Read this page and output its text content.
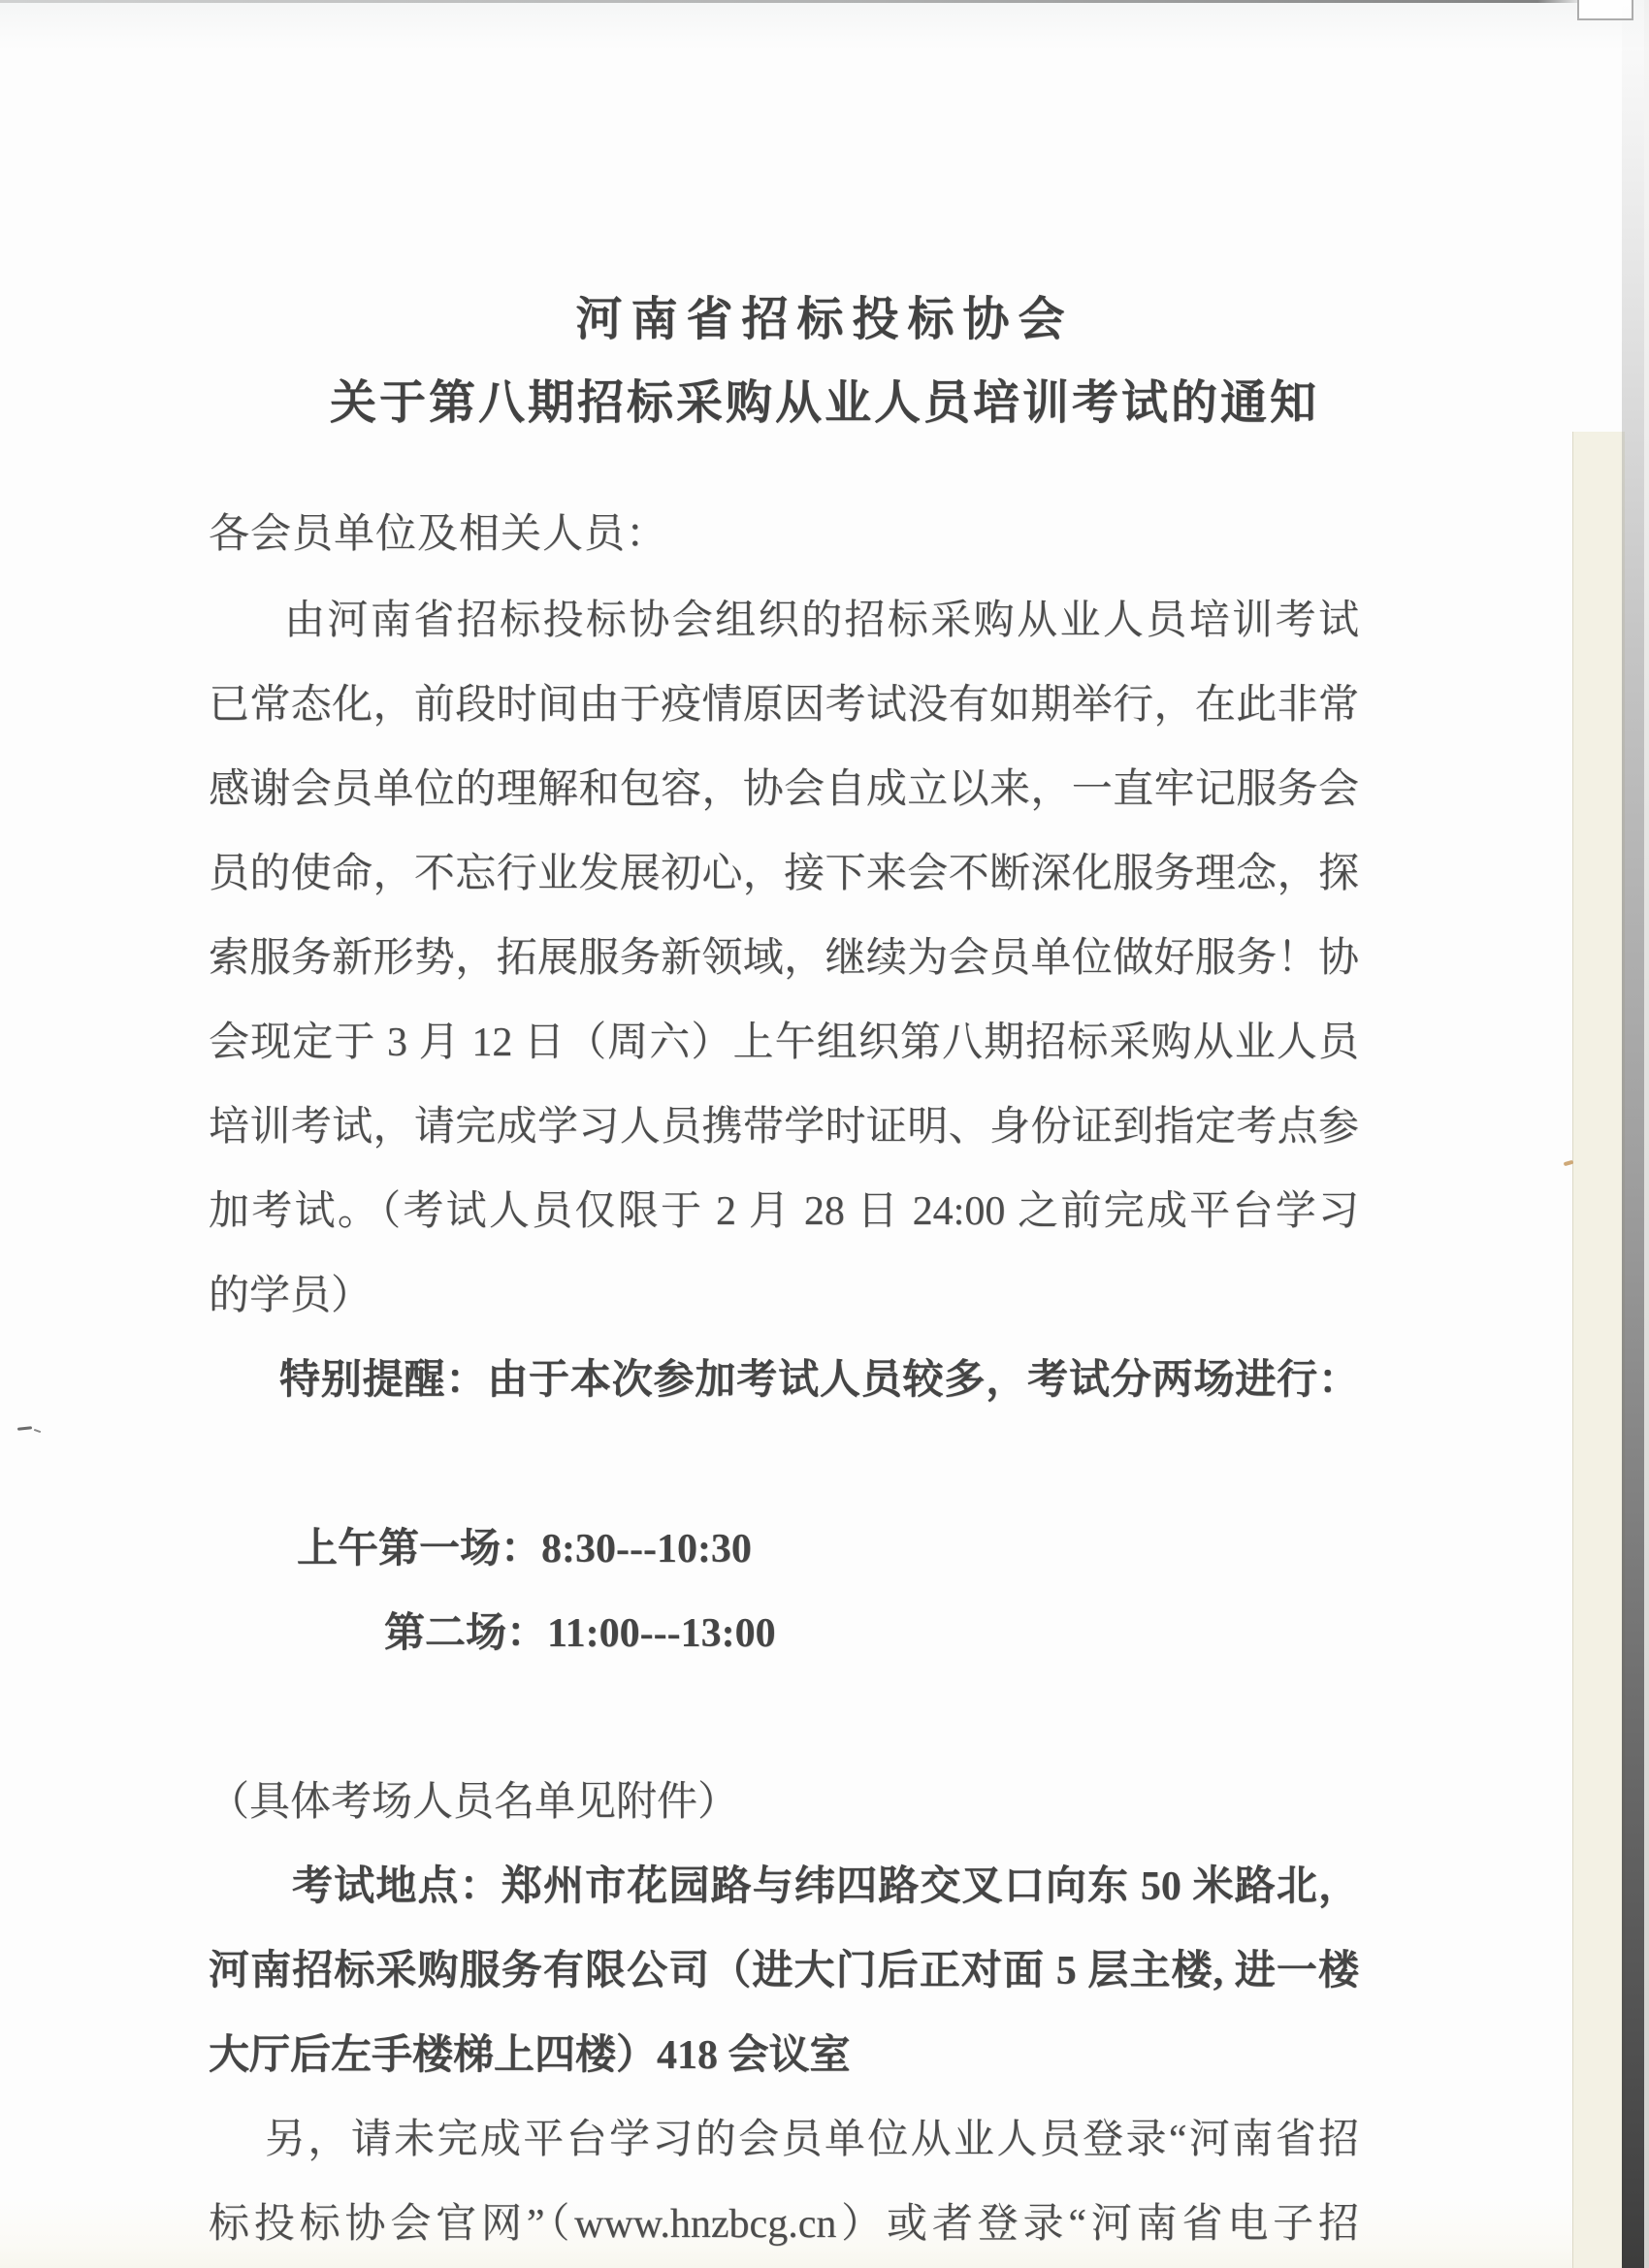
河南省招标投标协会
关于第八期招标采购从业人员培训考试的通知
各会员单位及相关人员：
由河南省招标投标协会组织的招标采购从业人员培训考试
已常态化，前段时间由于疫情原因考试没有如期举行，在此非常
感谢会员单位的理解和包容，协会自成立以来，一直牢记服务会
员的使命，不忘行业发展初心，接下来会不断深化服务理念，探
索服务新形势，拓展服务新领域，继续为会员单位做好服务！协
会现定于 3 月 12 日（周六）上午组织第八期招标采购从业人员
培训考试，请完成学习人员携带学时证明、身份证到指定考点参
加考试。（考试人员仅限于 2 月 28 日 24:00 之前完成平台学习
的学员）
特别提醒：由于本次参加考试人员较多，考试分两场进行：

上午第一场：8:30---10:30
第二场：11:00---13:00

（具体考场人员名单见附件）
考试地点：郑州市花园路与纬四路交叉口向东 50 米路北，
河南招标采购服务有限公司（进大门后正对面 5 层主楼, 进一楼
大厅后左手楼梯上四楼）418 会议室
另，请未完成平台学习的会员单位从业人员登录“河南省招
标投标协会官网”（www.hnzbcg.cn）或者登录“河南省电子招
